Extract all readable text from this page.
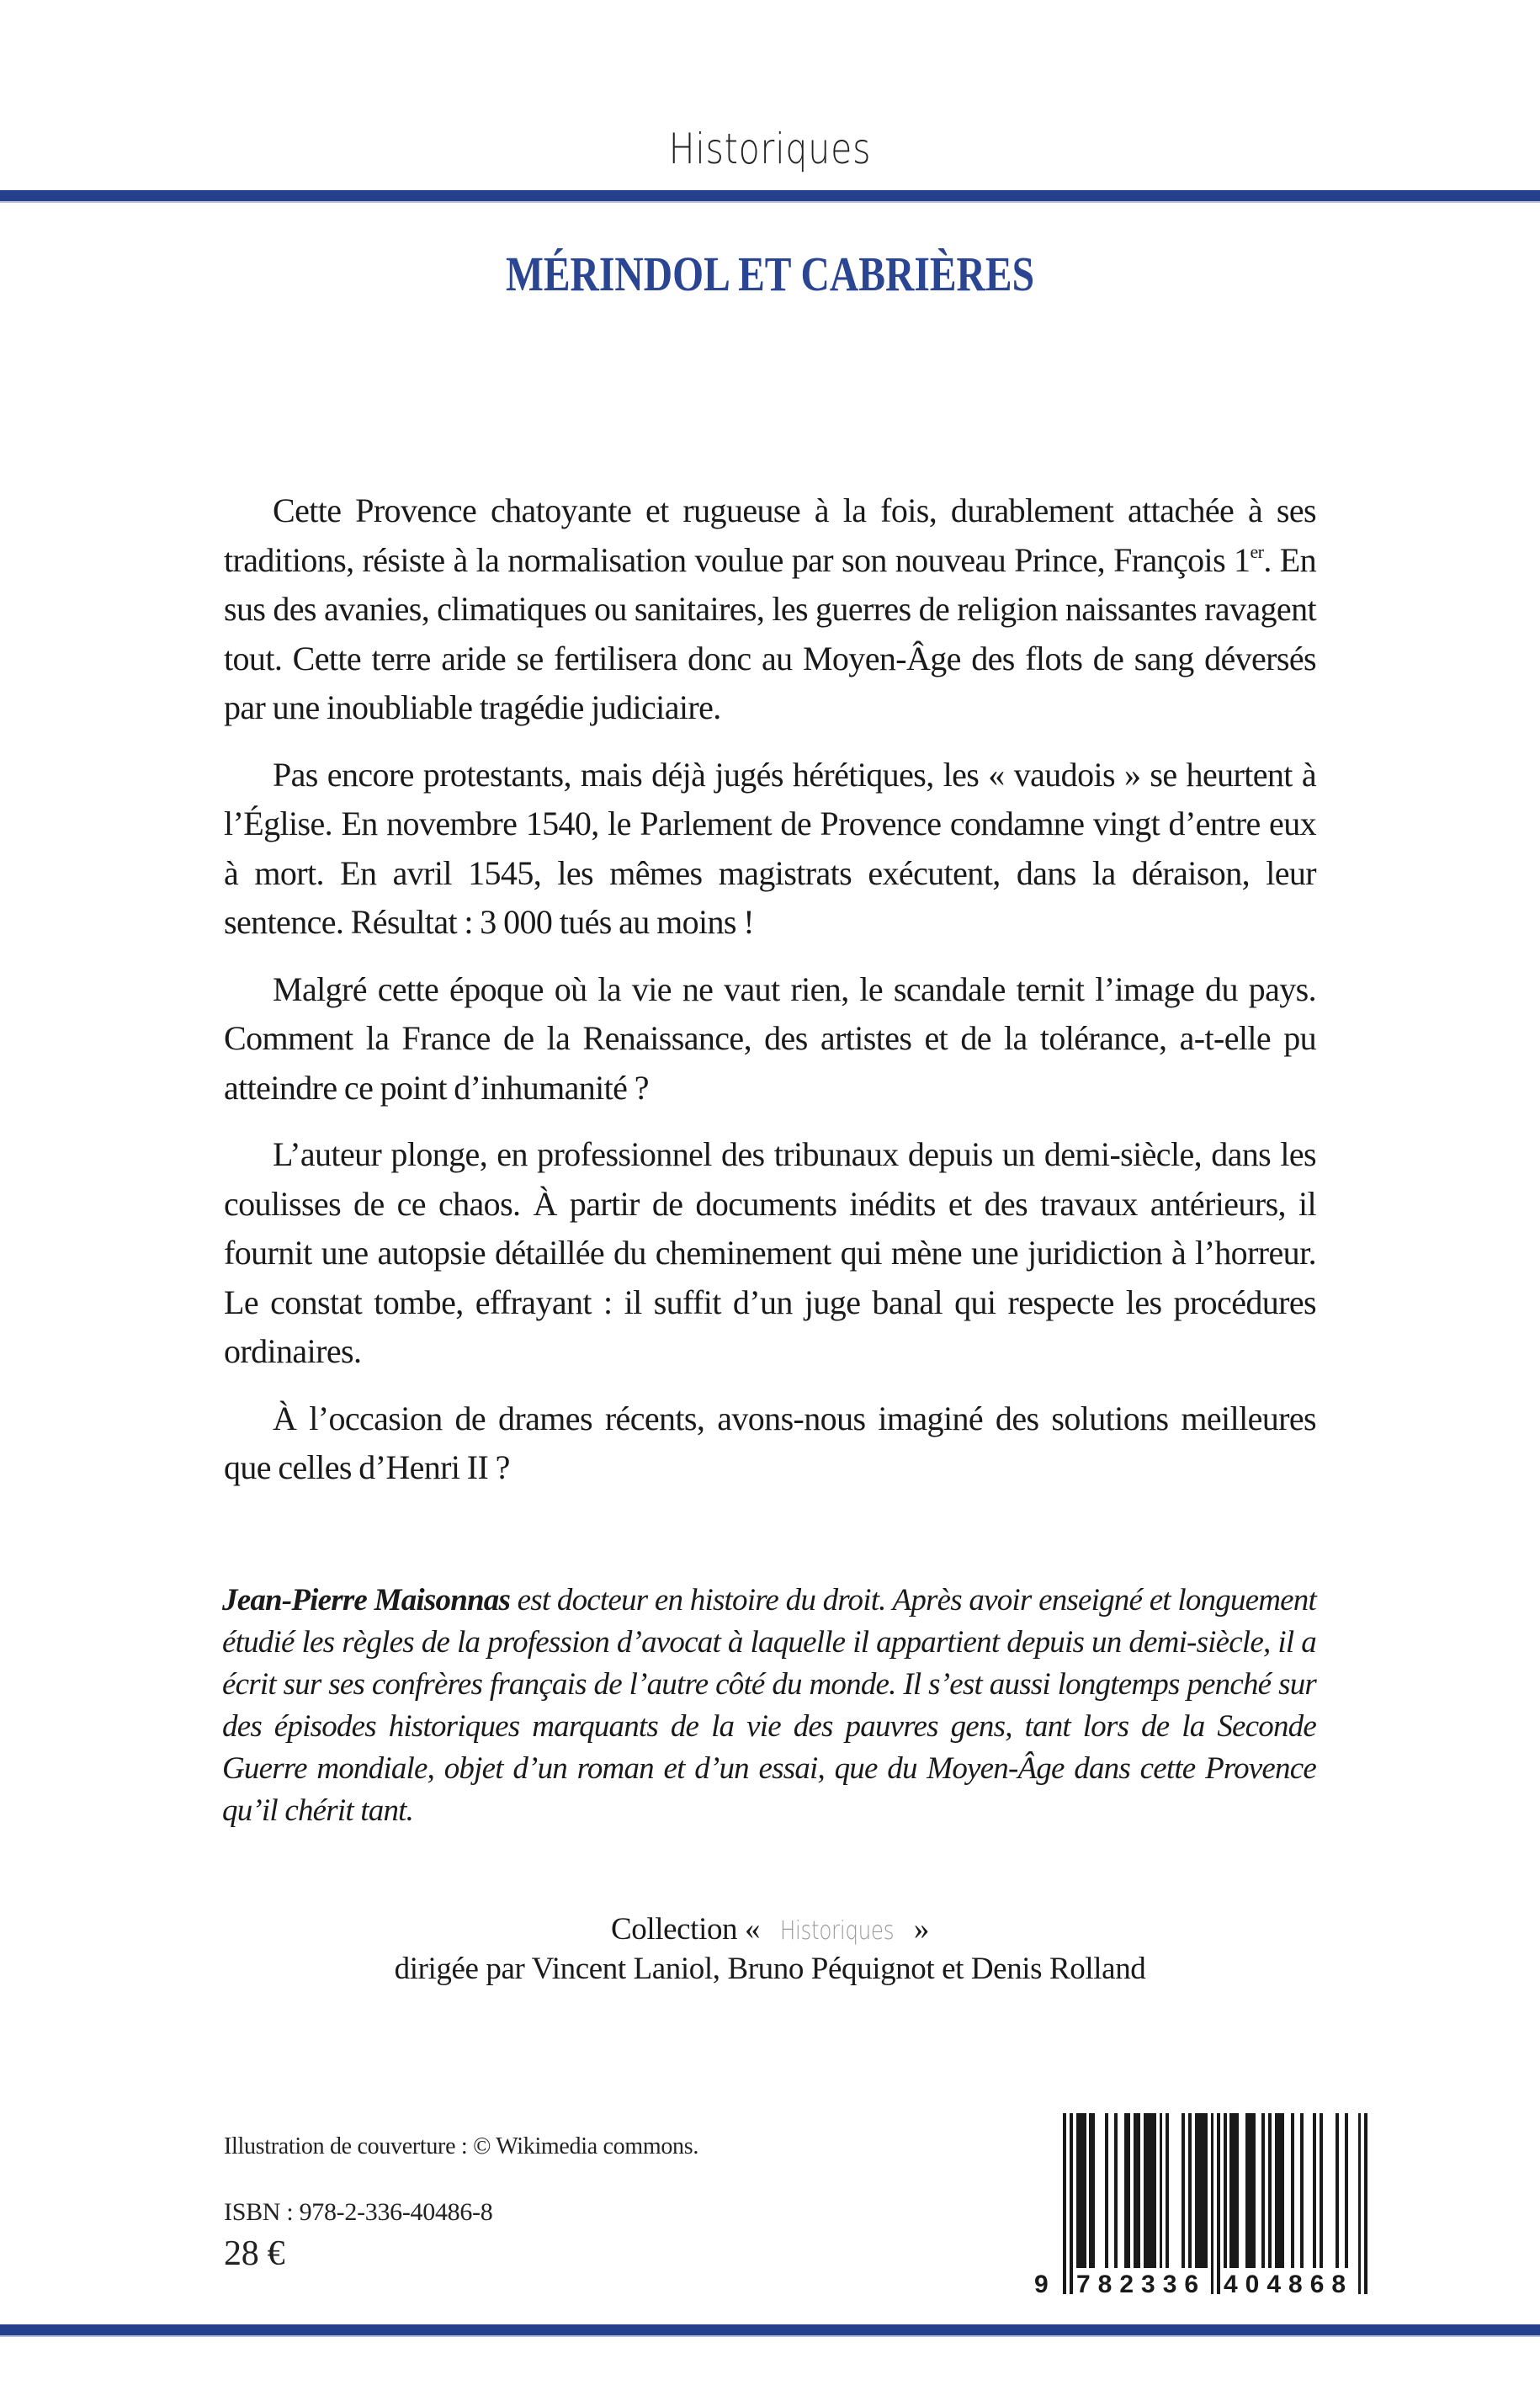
Historiques
MÉRINDOL ET CABRIÈRES

Cette Provence chatoyante et rugueuse à la fois, durablement attachée à ses traditions, résiste à la normalisation voulue par son nouveau Prince, François 1er. En sus des avanies, climatiques ou sanitaires, les guerres de religion naissantes ravagent tout. Cette terre aride se fertilisera donc au Moyen-Âge des flots de sang déversés par une inoubliable tragédie judiciaire.

Pas encore protestants, mais déjà jugés hérétiques, les « vaudois » se heurtent à l’Église. En novembre 1540, le Parlement de Provence condamne vingt d’entre eux à mort. En avril 1545, les mêmes magistrats exécutent, dans la déraison, leur sentence. Résultat : 3 000 tués au moins !

Malgré cette époque où la vie ne vaut rien, le scandale ternit l’image du pays. Comment la France de la Renaissance, des artistes et de la tolérance, a-t-elle pu atteindre ce point d’inhumanité ?

L’auteur plonge, en professionnel des tribunaux depuis un demi-siècle, dans les coulisses de ce chaos. À partir de documents inédits et des travaux antérieurs, il fournit une autopsie détaillée du cheminement qui mène une juridiction à l’horreur. Le constat tombe, effrayant : il suffit d’un juge banal qui respecte les procédures ordinaires.

À l’occasion de drames récents, avons-nous imaginé des solutions meilleures que celles d’Henri II ?

Jean-Pierre Maisonnas est docteur en histoire du droit. Après avoir enseigné et longuement étudié les règles de la profession d’avocat à laquelle il appartient depuis un demi-siècle, il a écrit sur ses confrères français de l’autre côté du monde. Il s’est aussi longtemps penché sur des épisodes historiques marquants de la vie des pauvres gens, tant lors de la Seconde Guerre mondiale, objet d’un roman et d’un essai, que du Moyen-Âge dans cette Provence qu’il chérit tant.
Collection « Historiques »
dirigée par Vincent Laniol, Bruno Péquignot et Denis Rolland
Illustration de couverture : © Wikimedia commons.
ISBN : 978-2-336-40486-8
28 €
9 782336 404868
